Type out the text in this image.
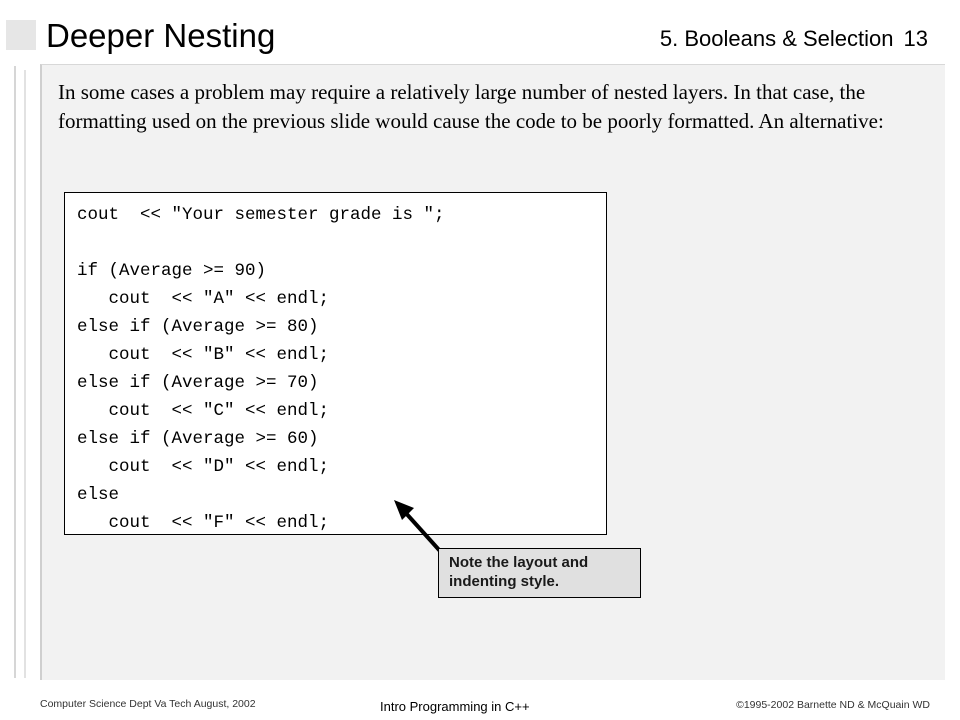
Deeper Nesting	5. Booleans & Selection 13
In some cases a problem may require a relatively large number of nested layers. In that case, the formatting used on the previous slide would cause the code to be poorly formatted. An alternative:
cout  << "Your semester grade is ";
if (Average >= 90)
cout  << "A" << endl;
else if (Average >= 80)
cout  << "B" << endl;
else if (Average >= 70)
cout  << "C" << endl;
else if (Average >= 60)
cout  << "D" << endl;
else
cout  << "F" << endl;
Note the layout and indenting style.
Computer Science Dept Va Tech August, 2002	Intro Programming in C++	©1995-2002 Barnette ND & McQuain WD
